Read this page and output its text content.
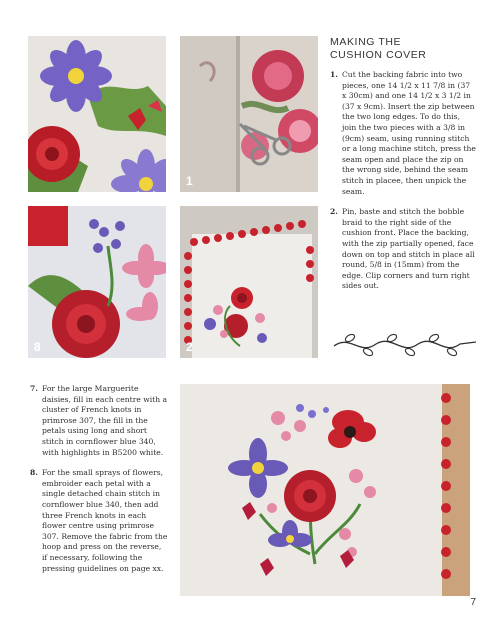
1
8	2
MAKING THE
CUSHION COVER
1. Cut the backing fabric into two pieces, one 14 1/2 x 11 7/8 in (37 x 30cm) and one 14 1/2 x 3 1/2 in (37 x 9cm). Insert the zip between the two long edges. To do this, join the two pieces with a 3/8 in (9cm) seam, using running stitch or a long machine stitch, press the seam open and place the zip on the wrong side, behind the seam stitch in placee, then unpick the seam.
2. Pin, baste and stitch the bobble braid to the right side of the cushion front. Place the backing, with the zip partially opened, face down on top and stitch in place all round, 5/8 in (15mm) from the edge. Clip corners and turn right sides out.
7. For the large Marguerite daisies, fill in each centre with a cluster of French knots in primrose 307, the fill in the petals using long and short stitch in cornflower blue 340, with highlights in B5200 white.
8. For the small sprays of flowers, embroider each petal with a single detached chain stitch in cornflower blue 340, then add three French knots in each flower centre using primrose 307. Remove the fabric from the hoop and press on the reverse, if necessary, following the pressing guidelines on page xx.
7
